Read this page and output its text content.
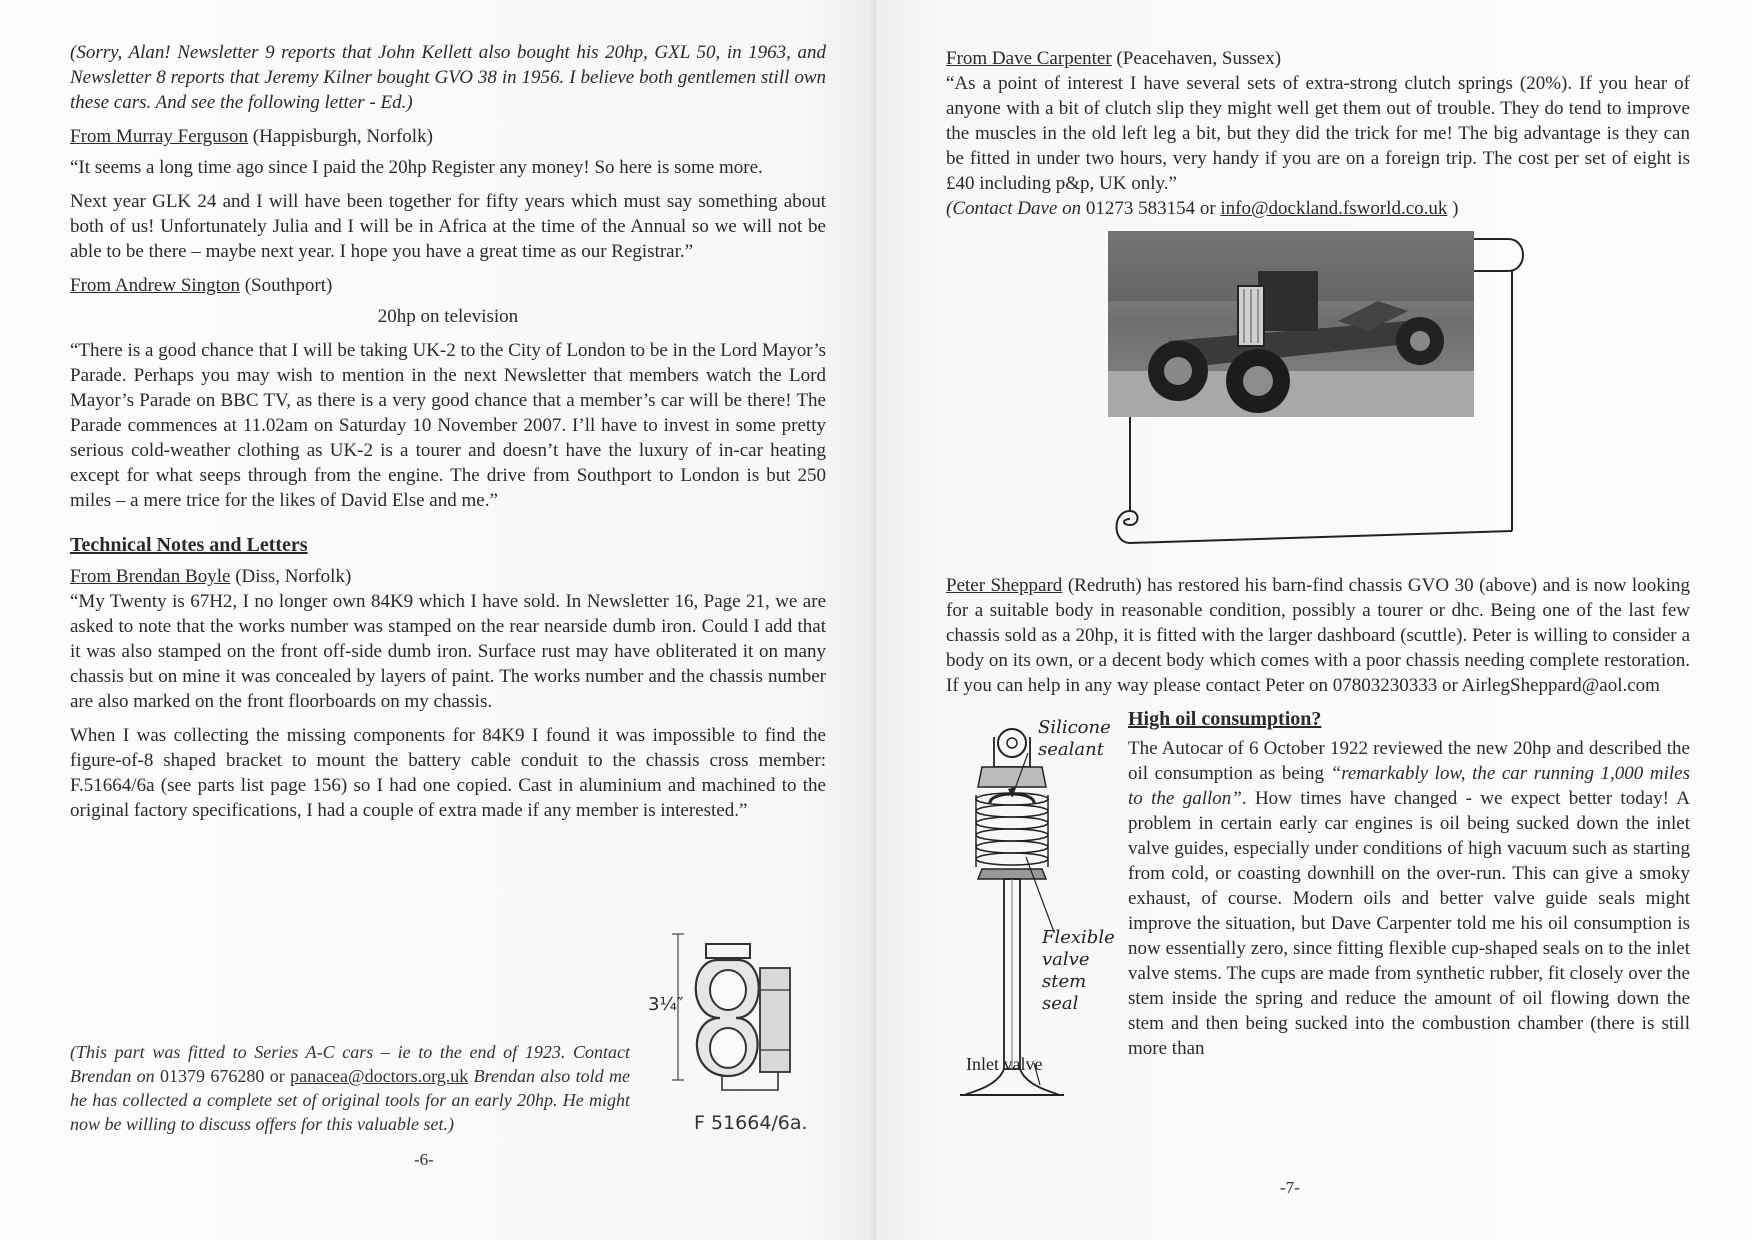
(Sorry, Alan! Newsletter 9 reports that John Kellett also bought his 20hp, GXL 50, in 1963, and Newsletter 8 reports that Jeremy Kilner bought GVO 38 in 1956. I believe both gentlemen still own these cars. And see the following letter - Ed.)

From Murray Ferguson (Happisburgh, Norfolk)

“It seems a long time ago since I paid the 20hp Register any money! So here is some more.

Next year GLK 24 and I will have been together for fifty years which must say something about both of us! Unfortunately Julia and I will be in Africa at the time of the Annual so we will not be able to be there – maybe next year. I hope you have a great time as our Registrar.”

From Andrew Sington (Southport)

20hp on television

“There is a good chance that I will be taking UK-2 to the City of London to be in the Lord Mayor’s Parade. Perhaps you may wish to mention in the next Newsletter that members watch the Lord Mayor’s Parade on BBC TV, as there is a very good chance that a member’s car will be there! The Parade commences at 11.02am on Saturday 10 November 2007. I’ll have to invest in some pretty serious cold-weather clothing as UK-2 is a tourer and doesn’t have the luxury of in-car heating except for what seeps through from the engine. The drive from Southport to London is but 250 miles – a mere trice for the likes of David Else and me.”

Technical Notes and Letters

From Brendan Boyle (Diss, Norfolk)

“My Twenty is 67H2, I no longer own 84K9 which I have sold. In Newsletter 16, Page 21, we are asked to note that the works number was stamped on the rear nearside dumb iron. Could I add that it was also stamped on the front off-side dumb iron. Surface rust may have obliterated it on many chassis but on mine it was concealed by layers of paint. The works number and the chassis number are also marked on the front floorboards on my chassis.

When I was collecting the missing components for 84K9 I found it was impossible to find the figure-of-8 shaped bracket to mount the battery cable conduit to the chassis cross member: F.51664/6a (see parts list page 156) so I had one copied. Cast in aluminium and machined to the original factory specifications, I had a couple of extra made if any member is interested.”

(This part was fitted to Series A-C cars – ie to the end of 1923. Contact Brendan on 01379 676280 or panacea@doctors.org.uk Brendan also told me he has collected a complete set of original tools for an early 20hp. He might now be willing to discuss offers for this valuable set.)
3¼″
F 51664/6a.
-6-

From Dave Carpenter (Peacehaven, Sussex)

“As a point of interest I have several sets of extra-strong clutch springs (20%). If you hear of anyone with a bit of clutch slip they might well get them out of trouble. They do tend to improve the muscles in the old left leg a bit, but they did the trick for me! The big advantage is they can be fitted in under two hours, very handy if you are on a foreign trip. The cost per set of eight is £40 including p&p, UK only.”

(Contact Dave on 01273 583154 or info@dockland.fsworld.co.uk )

Peter Sheppard (Redruth) has restored his barn-find chassis GVO 30 (above) and is now looking for a suitable body in reasonable condition, possibly a tourer or dhc. Being one of the last few chassis sold as a 20hp, it is fitted with the larger dashboard (scuttle). Peter is willing to consider a body on its own, or a decent body which comes with a poor chassis needing complete restoration. If you can help in any way please contact Peter on 07803230333 or AirlegSheppard@aol.com

Silicone
sealant
Flexible
valve
stem
seal
Inlet valve
High oil consumption?
The Autocar of 6 October 1922 reviewed the new 20hp and described the oil consumption as being “remarkably low, the car running 1,000 miles to the gallon”. How times have changed - we expect better today! A problem in certain early car engines is oil being sucked down the inlet valve guides, especially under conditions of high vacuum such as starting from cold, or coasting downhill on the over-run. This can give a smoky exhaust, of course. Modern oils and better valve guide seals might improve the situation, but Dave Carpenter told me his oil consumption is now essentially zero, since fitting flexible cup-shaped seals on to the inlet valve stems. The cups are made from synthetic rubber, fit closely over the stem inside the spring and reduce the amount of oil flowing down the stem and then being sucked into the combustion chamber (there is still more than
-7-
